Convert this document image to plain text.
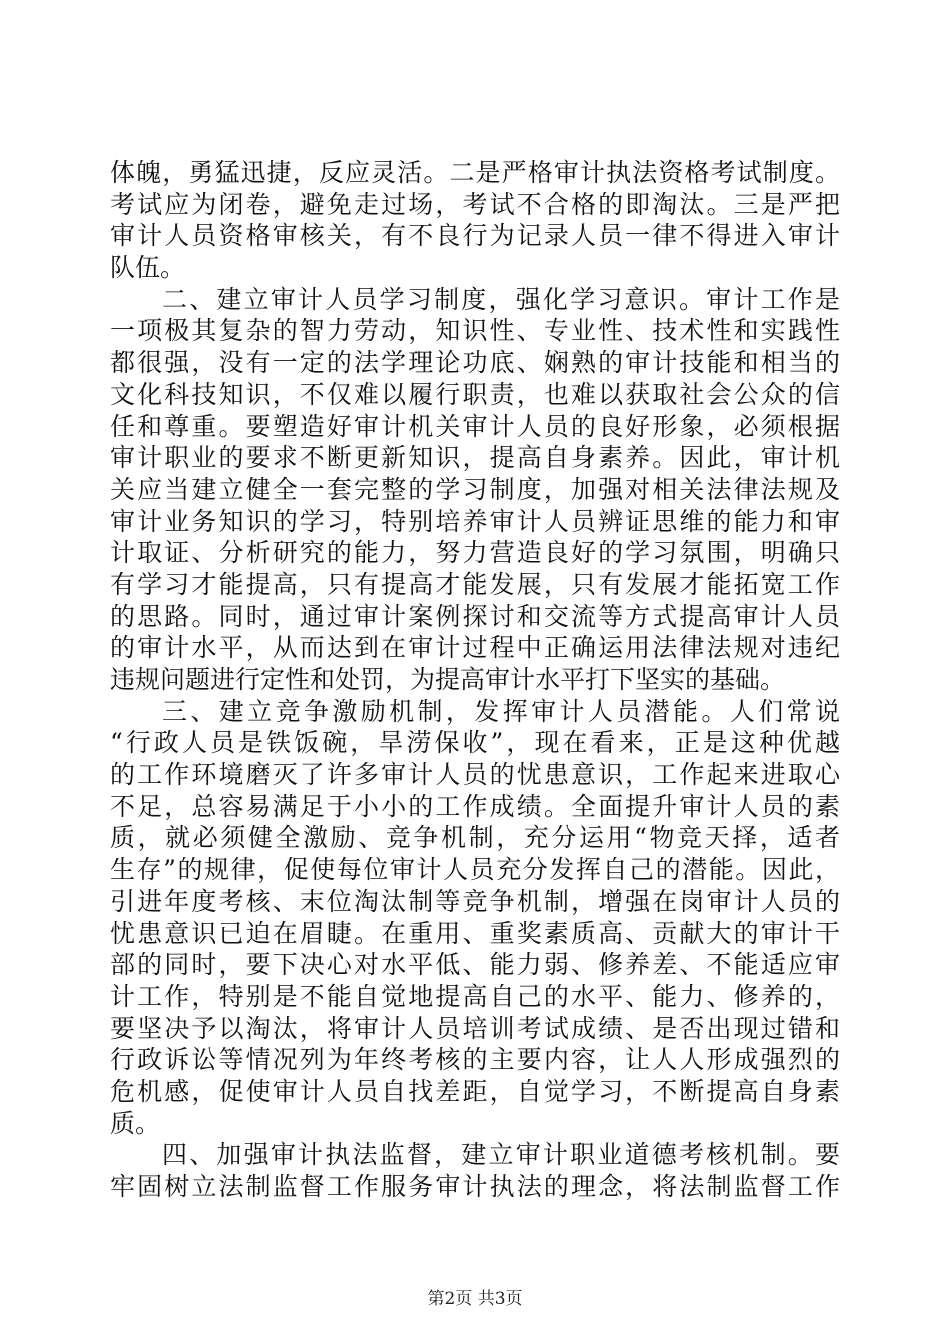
体魄，勇猛迅捷，反应灵活。二是严格审计执法资格考试制度。
考试应为闭卷，避免走过场，考试不合格的即淘汰。三是严把
审计人员资格审核关，有不良行为记录人员一律不得进入审计
队伍。
二、建立审计人员学习制度，强化学习意识。审计工作是
一项极其复杂的智力劳动，知识性、专业性、技术性和实践性
都很强，没有一定的法学理论功底、娴熟的审计技能和相当的
文化科技知识，不仅难以履行职责，也难以获取社会公众的信
任和尊重。要塑造好审计机关审计人员的良好形象，必须根据
审计职业的要求不断更新知识，提高自身素养。因此，审计机
关应当建立健全一套完整的学习制度，加强对相关法律法规及
审计业务知识的学习，特别培养审计人员辨证思维的能力和审
计取证、分析研究的能力，努力营造良好的学习氛围，明确只
有学习才能提高，只有提高才能发展，只有发展才能拓宽工作
的思路。同时，通过审计案例探讨和交流等方式提高审计人员
的审计水平，从而达到在审计过程中正确运用法律法规对违纪
违规问题进行定性和处罚，为提高审计水平打下坚实的基础。
三、建立竞争激励机制，发挥审计人员潜能。人们常说
“行政人员是铁饭碗，旱涝保收”，现在看来，正是这种优越
的工作环境磨灭了许多审计人员的忧患意识，工作起来进取心
不足，总容易满足于小小的工作成绩。全面提升审计人员的素
质，就必须健全激励、竞争机制，充分运用“物竞天择，适者
生存”的规律，促使每位审计人员充分发挥自己的潜能。因此，
引进年度考核、末位淘汰制等竞争机制，增强在岗审计人员的
忧患意识已迫在眉睫。在重用、重奖素质高、贡献大的审计干
部的同时，要下决心对水平低、能力弱、修养差、不能适应审
计工作，特别是不能自觉地提高自己的水平、能力、修养的，
要坚决予以淘汰，将审计人员培训考试成绩、是否出现过错和
行政诉讼等情况列为年终考核的主要内容，让人人形成强烈的
危机感，促使审计人员自找差距，自觉学习，不断提高自身素
质。
四、加强审计执法监督，建立审计职业道德考核机制。要
牢固树立法制监督工作服务审计执法的理念，将法制监督工作
第2页 共3页
